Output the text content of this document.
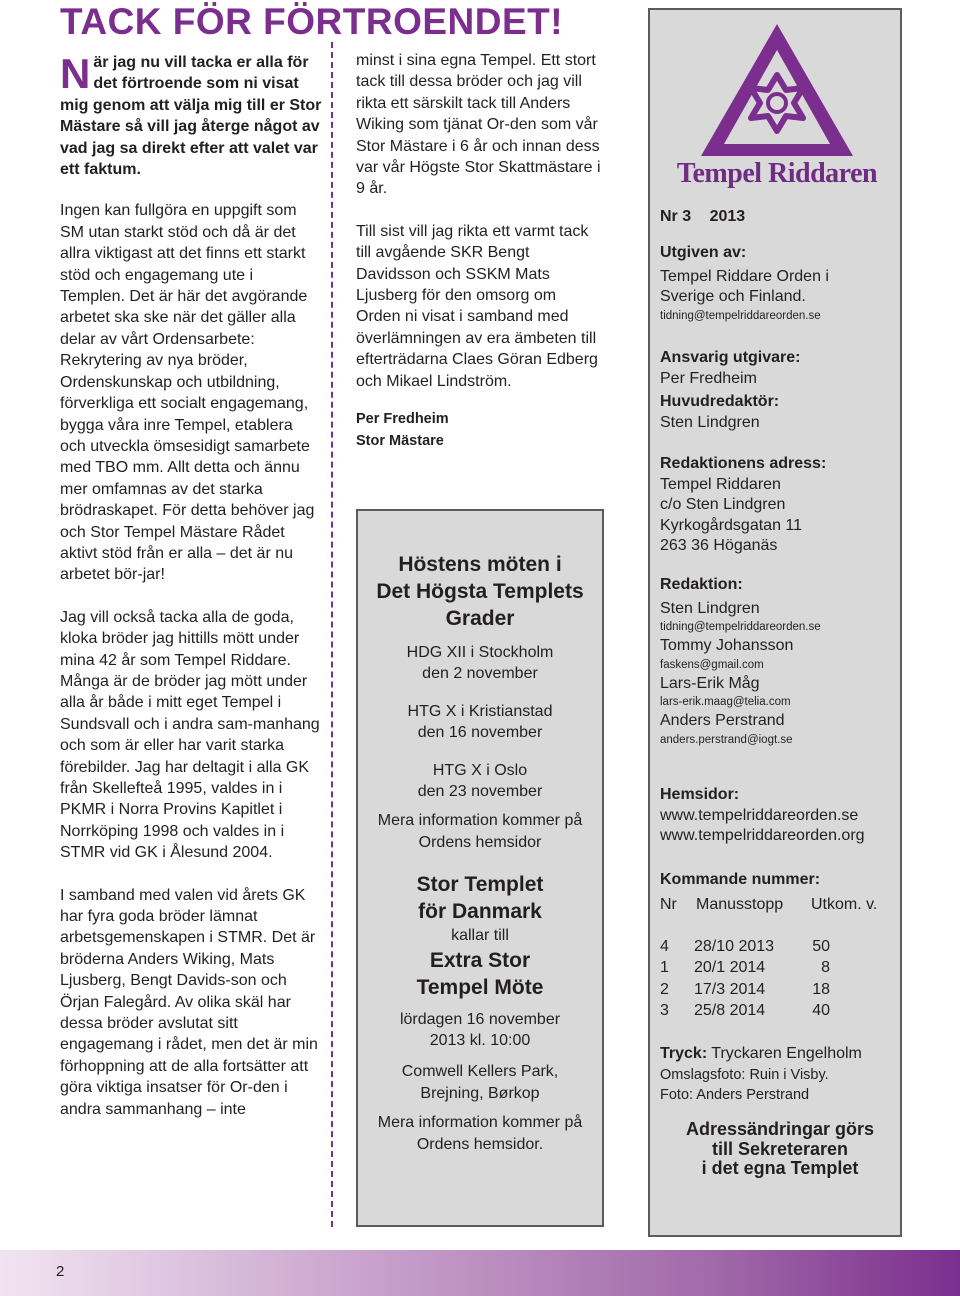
TACK FÖR FÖRTROENDET!
När jag nu vill tacka er alla för det förtroende som ni visat mig genom att välja mig till er Stor Mästare så vill jag återge något av vad jag sa direkt efter att valet var ett faktum.

Ingen kan fullgöra en uppgift som SM utan starkt stöd och då är det allra viktigast att det finns ett starkt stöd och engagemang ute i Templen. Det är här det avgörande arbetet ska ske när det gäller alla delar av vårt Ordensarbete: Rekrytering av nya bröder, Ordenskunskap och utbildning, förverkliga ett socialt engagemang, bygga våra inre Tempel, etablera och utveckla ömsesidigt samarbete med TBO mm. Allt detta och ännu mer omfamnas av det starka brödraskapet. För detta behöver jag och Stor Tempel Mästare Rådet aktivt stöd från er alla – det är nu arbetet bör-jar!

Jag vill också tacka alla de goda, kloka bröder jag hittills mött under mina 42 år som Tempel Riddare. Många är de bröder jag mött under alla år både i mitt eget Tempel i Sundsvall och i andra sam-manhang och som är eller har varit starka förebilder. Jag har deltagit i alla GK från Skellefteå 1995, valdes in i PKMR i Norra Provins Kapitlet i Norrköping 1998 och valdes in i STMR vid GK i Ålesund 2004.

I samband med valen vid årets GK har fyra goda bröder lämnat arbetsgemenskapen i STMR. Det är bröderna Anders Wiking, Mats Ljusberg, Bengt Davids-son och Örjan Falegård. Av olika skäl har dessa bröder avslutat sitt engagemang i rådet, men det är min förhoppning att de alla fortsätter att göra viktiga insatser för Or-den i andra sammanhang – inte

minst i sina egna Tempel. Ett stort tack till dessa bröder och jag vill rikta ett särskilt tack till Anders Wiking som tjänat Or-den som vår Stor Mästare i 6 år och innan dess var vår Högste Stor Skattmästare i 9 år.

Till sist vill jag rikta ett varmt tack till avgående SKR Bengt Davidsson och SSKM Mats Ljusberg för den omsorg om Orden ni visat i samband med överlämningen av era ämbeten till efterträdarna Claes Göran Edberg och Mikael Lindström.

Per Fredheim
Stor Mästare

Höstens möten i

Det Högsta Templets

Grader

HDG XII i Stockholm

den 2 november

HTG X i Kristianstad

den 16 november

HTG X i Oslo

den 23 november

Mera information kommer på

Ordens hemsidor

Stor Templet

för Danmark

kallar till

Extra Stor

Tempel Möte

lördagen 16 november

2013 kl. 10:00

Comwell Kellers Park,

Brejning, Børkop

Mera information kommer på

Ordens hemsidor.

Tempel Riddaren
Nr 3 2013
Utgiven av:
Tempel Riddare Orden i
Sverige och Finland.
tidning@tempelriddareorden.se
Ansvarig utgivare:
Per Fredheim
Huvudredaktör:
Sten Lindgren
Redaktionens adress:
Tempel Riddaren
c/o Sten Lindgren
Kyrkogårdsgatan 11
263 36 Höganäs
Redaktion:
Sten Lindgren
tidning@tempelriddareorden.se
Tommy Johansson
faskens@gmail.com
Lars-Erik Måg
lars-erik.maag@telia.com
Anders Perstrand
anders.perstrand@iogt.se
Hemsidor:
www.tempelriddareorden.se
www.tempelriddareorden.org
Kommande nummer:
Nr Manusstopp Utkom. v.
4 28/10 2013 50
1 20/1 2014	8
2 17/3 2014	18
3 25/8 2014	40
Tryck: Tryckaren Engelholm
Omslagsfoto: Ruin i Visby.
Foto: Anders Perstrand
Adressändringar görs
till Sekreteraren
i det egna Templet
2
